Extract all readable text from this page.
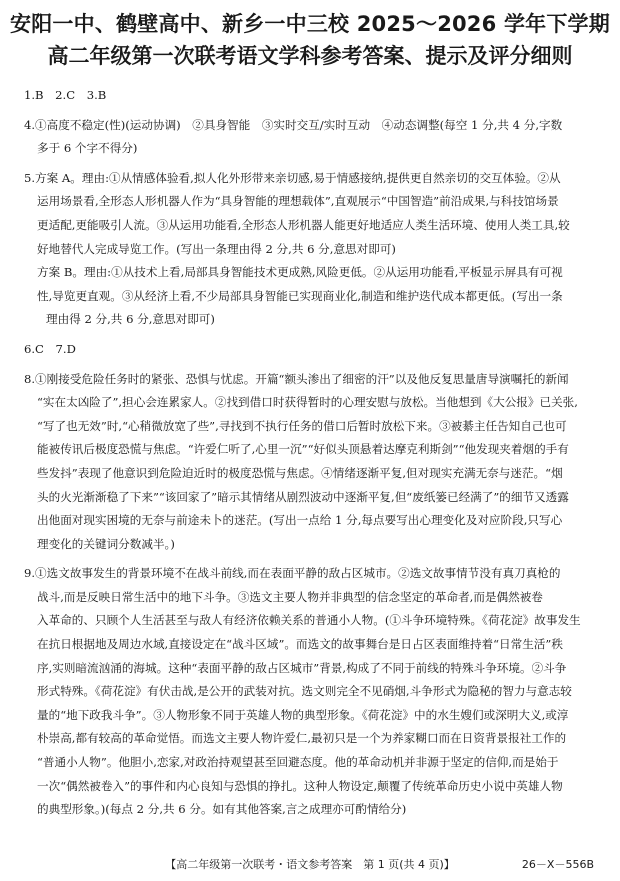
安阳一中、鹤壁高中、新乡一中三校 2025～2026 学年下学期
高二年级第一次联考语文学科参考答案、提示及评分细则
1.B　2.C　3.B
4.①高度不稳定(性)(运动协调)　②具身智能　③实时交互/实时互动　④动态调整(每空 1 分,共 4 分,字数
多于 6 个字不得分)
5.方案 A。理由:①从情感体验看,拟人化外形带来亲切感,易于情感接纳,提供更自然亲切的交互体验。②从
运用场景看,全形态人形机器人作为“具身智能的理想载体”,直观展示“中国智造”前沿成果,与科技馆场景
更适配,更能吸引人流。③从运用功能看,全形态人形机器人能更好地适应人类生活环境、使用人类工具,较
好地替代人完成导览工作。(写出一条理由得 2 分,共 6 分,意思对即可)
方案 B。理由:①从技术上看,局部具身智能技术更成熟,风险更低。②从运用功能看,平板显示屏具有可视
性,导览更直观。③从经济上看,不少局部具身智能已实现商业化,制造和维护迭代成本都更低。(写出一条
理由得 2 分,共 6 分,意思对即可)
6.C　7.D
8.①刚接受危险任务时的紧张、恐惧与忧虑。开篇“额头渗出了细密的汗”以及他反复思量唐导演嘱托的新闻
“实在太凶险了”,担心会连累家人。②找到借口时获得暂时的心理安慰与放松。当他想到《大公报》已关张,
“写了也无效”时,“心稍微放宽了些”,寻找到不执行任务的借口后暂时放松下来。③被綦主任告知自己也可
能被传讯后极度恐慌与焦虑。“许爱仁听了,心里一沉”“好似头顶悬着达摩克利斯剑”“他发现夹着烟的手有
些发抖”表现了他意识到危险迫近时的极度恐慌与焦虑。④情绪逐渐平复,但对现实充满无奈与迷茫。“烟
头的火光渐渐稳了下来”“该回家了”暗示其情绪从剧烈波动中逐渐平复,但“废纸篓已经满了”的细节又透露
出他面对现实困境的无奈与前途未卜的迷茫。(写出一点给 1 分,每点要写出心理变化及对应阶段,只写心
理变化的关键词分数减半。)
9.①选文故事发生的背景环境不在战斗前线,而在表面平静的敌占区城市。②选文故事情节没有真刀真枪的
战斗,而是反映日常生活中的地下斗争。③选文主要人物并非典型的信念坚定的革命者,而是偶然被卷
入革命的、只顾个人生活甚至与敌人有经济依赖关系的普通小人物。(①斗争环境特殊。《荷花淀》故事发生
在抗日根据地及周边水域,直接设定在“战斗区域”。而选文的故事舞台是日占区表面维持着“日常生活”秩
序,实则暗流汹涌的海城。这种“表面平静的敌占区城市”背景,构成了不同于前线的特殊斗争环境。②斗争
形式特殊。《荷花淀》有伏击战,是公开的武装对抗。选文则完全不见硝烟,斗争形式为隐秘的智力与意志较
量的“地下政我斗争”。③人物形象不同于英雄人物的典型形象。《荷花淀》中的水生嫂们或深明大义,或淳
朴崇高,都有较高的革命觉悟。而选文主要人物许爱仁,最初只是一个为养家糊口而在日资背景报社工作的
“普通小人物”。他胆小,恋家,对政治持观望甚至回避态度。他的革命动机并非源于坚定的信仰,而是始于
一次“偶然被卷入”的事件和内心良知与恐惧的挣扎。这种人物设定,颠覆了传统革命历史小说中英雄人物
的典型形象。)(每点 2 分,共 6 分。如有其他答案,言之成理亦可酌情给分)
【高二年级第一次联考・语文参考答案　第 1 页(共 4 页)】	26－X－556B
